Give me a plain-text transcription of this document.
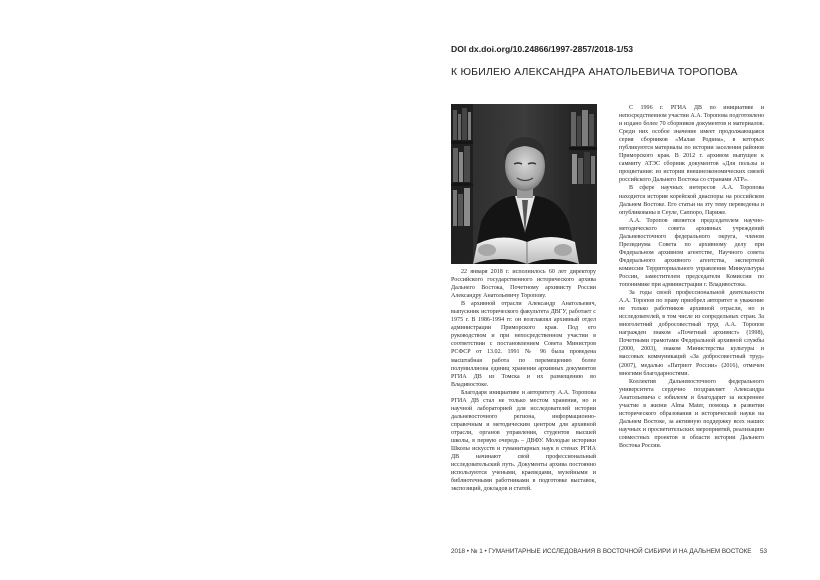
DOI dx.doi.org/10.24866/1997-2857/2018-1/53
К ЮБИЛЕЮ АЛЕКСАНДРА АНАТОЛЬЕВИЧА ТОРОПОВА

22 января 2018 г. исполнилось 60 лет директору Российского государственного исторического архива Дальнего Востока, Почетному архивисту России Александру Анатольевичу Торопову.

В архивной отрасли Александр Анатольевич, выпускник исторического факультета ДВГУ, работает с 1975 г. В 1986-1994 гг. он возглавлял архивный отдел администрации Приморского края. Под его руководством и при непосредственном участии в соответствии с постановлением Совета Министров РСФСР от 13.02. 1991 № 96 была проведена масштабная работа по перемещению более полумиллиона единиц хранения архивных документов РГИА ДВ из Томска и их размещению во Владивостоке.

Благодаря инициативе и авторитету А.А. Торопова РГИА ДВ стал не только местом хранения, но и научной лабораторией для исследователей истории дальневосточного региона, информационно-справочным и методическим центром для архивной отрасли, органов управления, студентов высшей школы, в первую очередь – ДВФУ. Молодые историки Школы искусств и гуманитарных наук в стенах РГИА ДВ начинают свой профессиональный исследовательский путь. Документы архива постоянно используются учеными, краеведами, музейными и библиотечными работниками в подготовке выставок, экспозиций, докладов и статей.

С 1996 г. РГИА ДВ по инициативе и непосредственном участии А.А. Торопова подготовлено и издано более 70 сборников документов и материалов. Среди них особое значение имеет продолжающаяся серия сборников «Малая Родина», в которых публикуются материалы по истории заселения районов Приморского края. В 2012 г. архивом выпущен к саммиту АТЭС сборник документов «Для пользы и процветания: из истории внешнеэкономических связей российского Дальнего Востока со странами АТР».

В сфере научных интересов А.А. Торопова находится история корейской диаспоры на российском Дальнем Востоке. Его статьи на эту тему переведены и опубликованы в Сеуле, Саппоро, Париже.

А.А. Торопов является председателем научно-методического совета архивных учреждений Дальневосточного федерального округа, членом Президиума Совета по архивному делу при Федеральном архивном агентстве, Научного совета Федерального архивного агентства, экспертной комиссии Территориального управления Минкультуры России, заместителем председателя Комиссии по топонимике при администрации г. Владивостока.

За годы своей профессиональной деятельности А.А. Торопов по праву приобрел авторитет и уважение не только работников архивной отрасли, но и исследователей, в том числе из сопредельных стран. За многолетний добросовестный труд А.А. Торопов награжден знаком «Почетный архивист» (1998), Почетными грамотами Федеральной архивной службы (2000, 2003), знаком Министерства культуры и массовых коммуникаций «За добросовестный труд» (2007), медалью «Патриот России» (2016), отмечен многими благодарностями.

Коллектив Дальневосточного федерального университета сердечно поздравляет Александра Анатольевича с юбилеем и благодарит за искреннее участие в жизни Alma Mater, помощь в развитии исторического образования и исторической науки на Дальнем Востоке, за активную поддержку всех наших научных и просветительских мероприятий, реализацию совместных проектов в области истории Дальнего Востока России.

2018 • № 1 • ГУМАНИТАРНЫЕ ИССЛЕДОВАНИЯ В ВОСТОЧНОЙ СИБИРИ И НА ДАЛЬНЕМ ВОСТОКЕ 53
